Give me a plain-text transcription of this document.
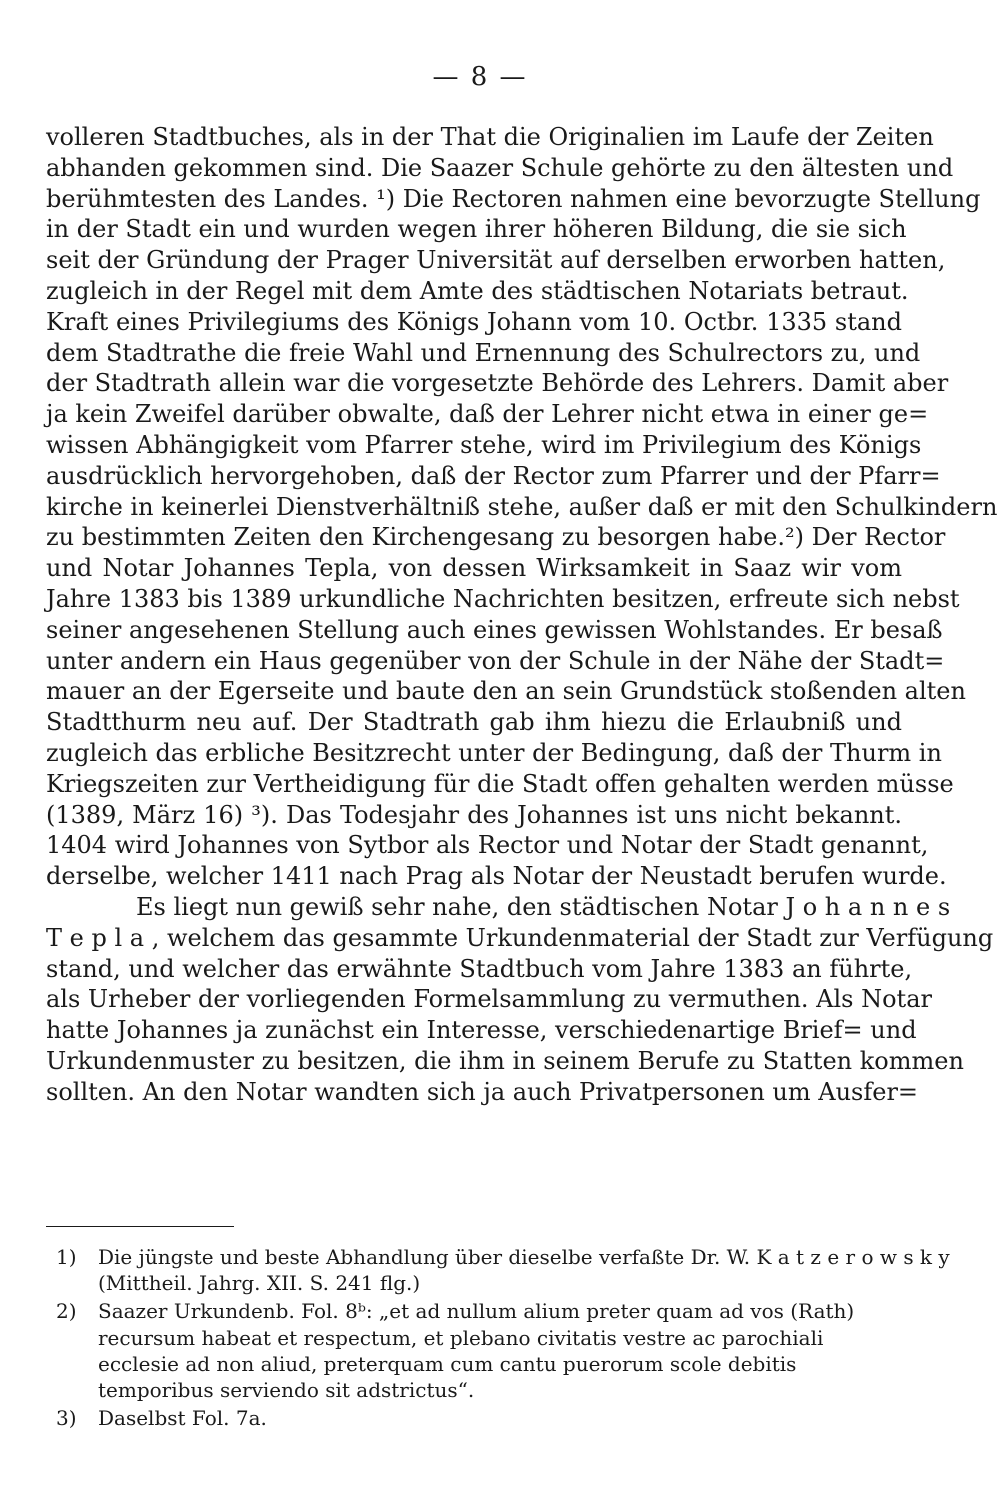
— 8 —
volleren Stadtbuches, als in der That die Originalien im Laufe der Zeiten
abhanden gekommen sind. Die Saazer Schule gehörte zu den ältesten und
berühmtesten des Landes. ¹) Die Rectoren nahmen eine bevorzugte Stellung
in der Stadt ein und wurden wegen ihrer höheren Bildung, die sie sich
seit der Gründung der Prager Universität auf derselben erworben hatten,
zugleich in der Regel mit dem Amte des städtischen Notariats betraut.
Kraft eines Privilegiums des Königs Johann vom 10. Octbr. 1335 stand
dem Stadtrathe die freie Wahl und Ernennung des Schulrectors zu, und
der Stadtrath allein war die vorgesetzte Behörde des Lehrers. Damit aber
ja kein Zweifel darüber obwalte, daß der Lehrer nicht etwa in einer ge=
wissen Abhängigkeit vom Pfarrer stehe, wird im Privilegium des Königs
ausdrücklich hervorgehoben, daß der Rector zum Pfarrer und der Pfarr=
kirche in keinerlei Dienstverhältniß stehe, außer daß er mit den Schulkindern
zu bestimmten Zeiten den Kirchengesang zu besorgen habe.²) Der Rector
und Notar Johannes Tepla, von dessen Wirksamkeit in Saaz wir vom
Jahre 1383 bis 1389 urkundliche Nachrichten besitzen, erfreute sich nebst
seiner angesehenen Stellung auch eines gewissen Wohlstandes. Er besaß
unter andern ein Haus gegenüber von der Schule in der Nähe der Stadt=
mauer an der Egerseite und baute den an sein Grundstück stoßenden alten
Stadtthurm neu auf. Der Stadtrath gab ihm hiezu die Erlaubniß und
zugleich das erbliche Besitzrecht unter der Bedingung, daß der Thurm in
Kriegszeiten zur Vertheidigung für die Stadt offen gehalten werden müsse
(1389, März 16) ³). Das Todesjahr des Johannes ist uns nicht bekannt.
1404 wird Johannes von Sytbor als Rector und Notar der Stadt genannt,
derselbe, welcher 1411 nach Prag als Notar der Neustadt berufen wurde.
Es liegt nun gewiß sehr nahe, den städtischen Notar J o h a n n e s
T e p l a , welchem das gesammte Urkundenmaterial der Stadt zur Verfügung
stand, und welcher das erwähnte Stadtbuch vom Jahre 1383 an führte,
als Urheber der vorliegenden Formelsammlung zu vermuthen. Als Notar
hatte Johannes ja zunächst ein Interesse, verschiedenartige Brief= und
Urkundenmuster zu besitzen, die ihm in seinem Berufe zu Statten kommen
sollten. An den Notar wandten sich ja auch Privatpersonen um Ausfer=
1)	Die jüngste und beste Abhandlung über dieselbe verfaßte Dr. W. K a t z e r o w s k y
(Mittheil. Jahrg. XII. S. 241 flg.)
2)	Saazer Urkundenb. Fol. 8ᵇ: „et ad nullum alium preter quam ad vos (Rath)
recursum habeat et respectum, et plebano civitatis vestre ac parochiali
ecclesie ad non aliud, preterquam cum cantu puerorum scole debitis
temporibus serviendo sit adstrictus“.
3)	Daselbst Fol. 7a.
